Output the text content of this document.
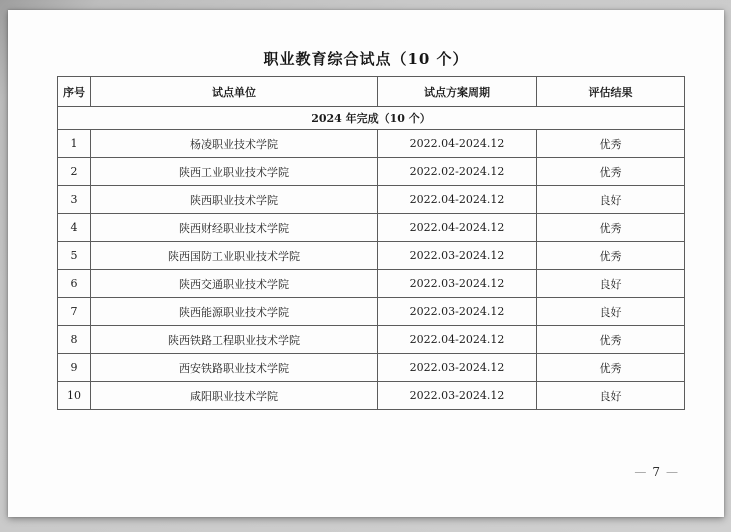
职业教育综合试点（10 个）
序号	试点单位	试点方案周期	评估结果
2024 年完成（10 个）			
1	杨凌职业技术学院	2022.04-2024.12	优秀
2	陕西工业职业技术学院	2022.02-2024.12	优秀
3	陕西职业技术学院	2022.04-2024.12	良好
4	陕西财经职业技术学院	2022.04-2024.12	优秀
5	陕西国防工业职业技术学院	2022.03-2024.12	优秀
6	陕西交通职业技术学院	2022.03-2024.12	良好
7	陕西能源职业技术学院	2022.03-2024.12	良好
8	陕西铁路工程职业技术学院	2022.04-2024.12	优秀
9	西安铁路职业技术学院	2022.03-2024.12	优秀
10	咸阳职业技术学院	2022.03-2024.12	良好
— 7 —
